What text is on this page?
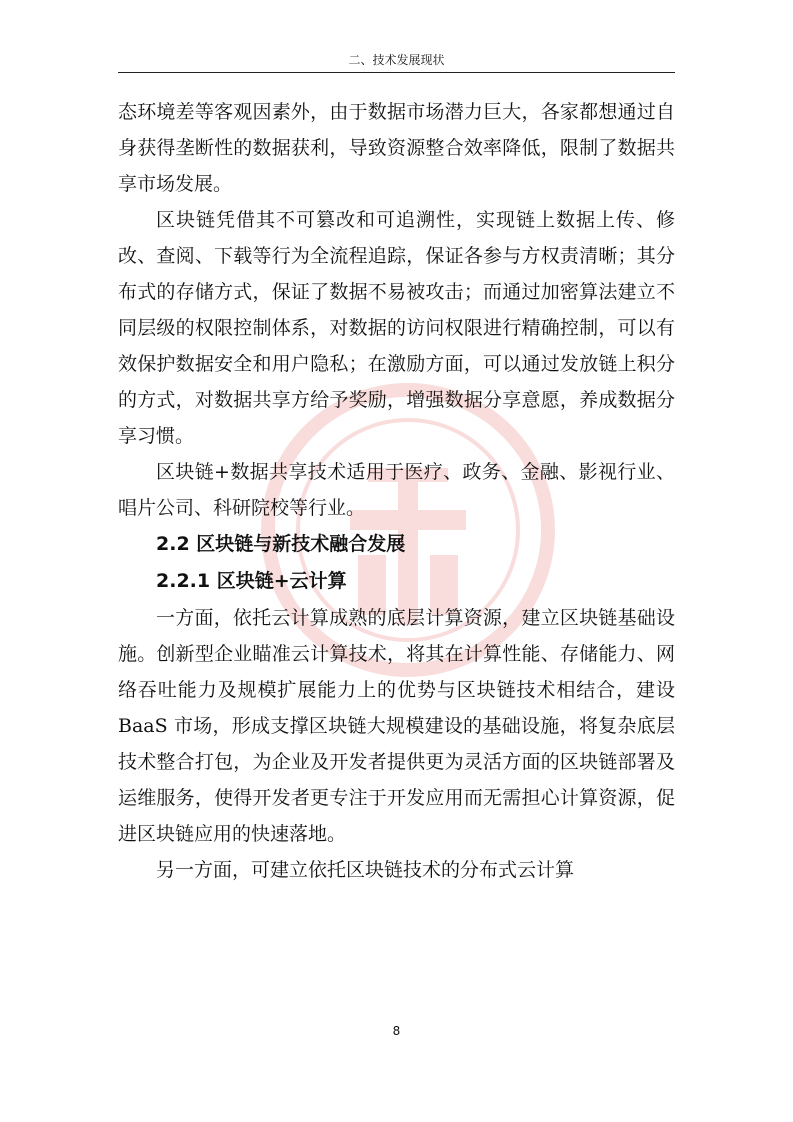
二、技术发展现状

态环境差等客观因素外，由于数据市场潜力巨大，各家都想通过自身获得垄断性的数据获利，导致资源整合效率降低，限制了数据共享市场发展。

区块链凭借其不可篡改和可追溯性，实现链上数据上传、修改、查阅、下载等行为全流程追踪，保证各参与方权责清晰；其分布式的存储方式，保证了数据不易被攻击；而通过加密算法建立不同层级的权限控制体系，对数据的访问权限进行精确控制，可以有效保护数据安全和用户隐私；在激励方面，可以通过发放链上积分的方式，对数据共享方给予奖励，增强数据分享意愿，养成数据分享习惯。

区块链+数据共享技术适用于医疗、政务、金融、影视行业、唱片公司、科研院校等行业。

2.2 区块链与新技术融合发展

2.2.1 区块链+云计算

一方面，依托云计算成熟的底层计算资源，建立区块链基础设施。创新型企业瞄准云计算技术，将其在计算性能、存储能力、网络吞吐能力及规模扩展能力上的优势与区块链技术相结合，建设 BaaS 市场，形成支撑区块链大规模建设的基础设施，将复杂底层技术整合打包，为企业及开发者提供更为灵活方面的区块链部署及运维服务，使得开发者更专注于开发应用而无需担心计算资源，促进区块链应用的快速落地。

另一方面，可建立依托区块链技术的分布式云计算

8
